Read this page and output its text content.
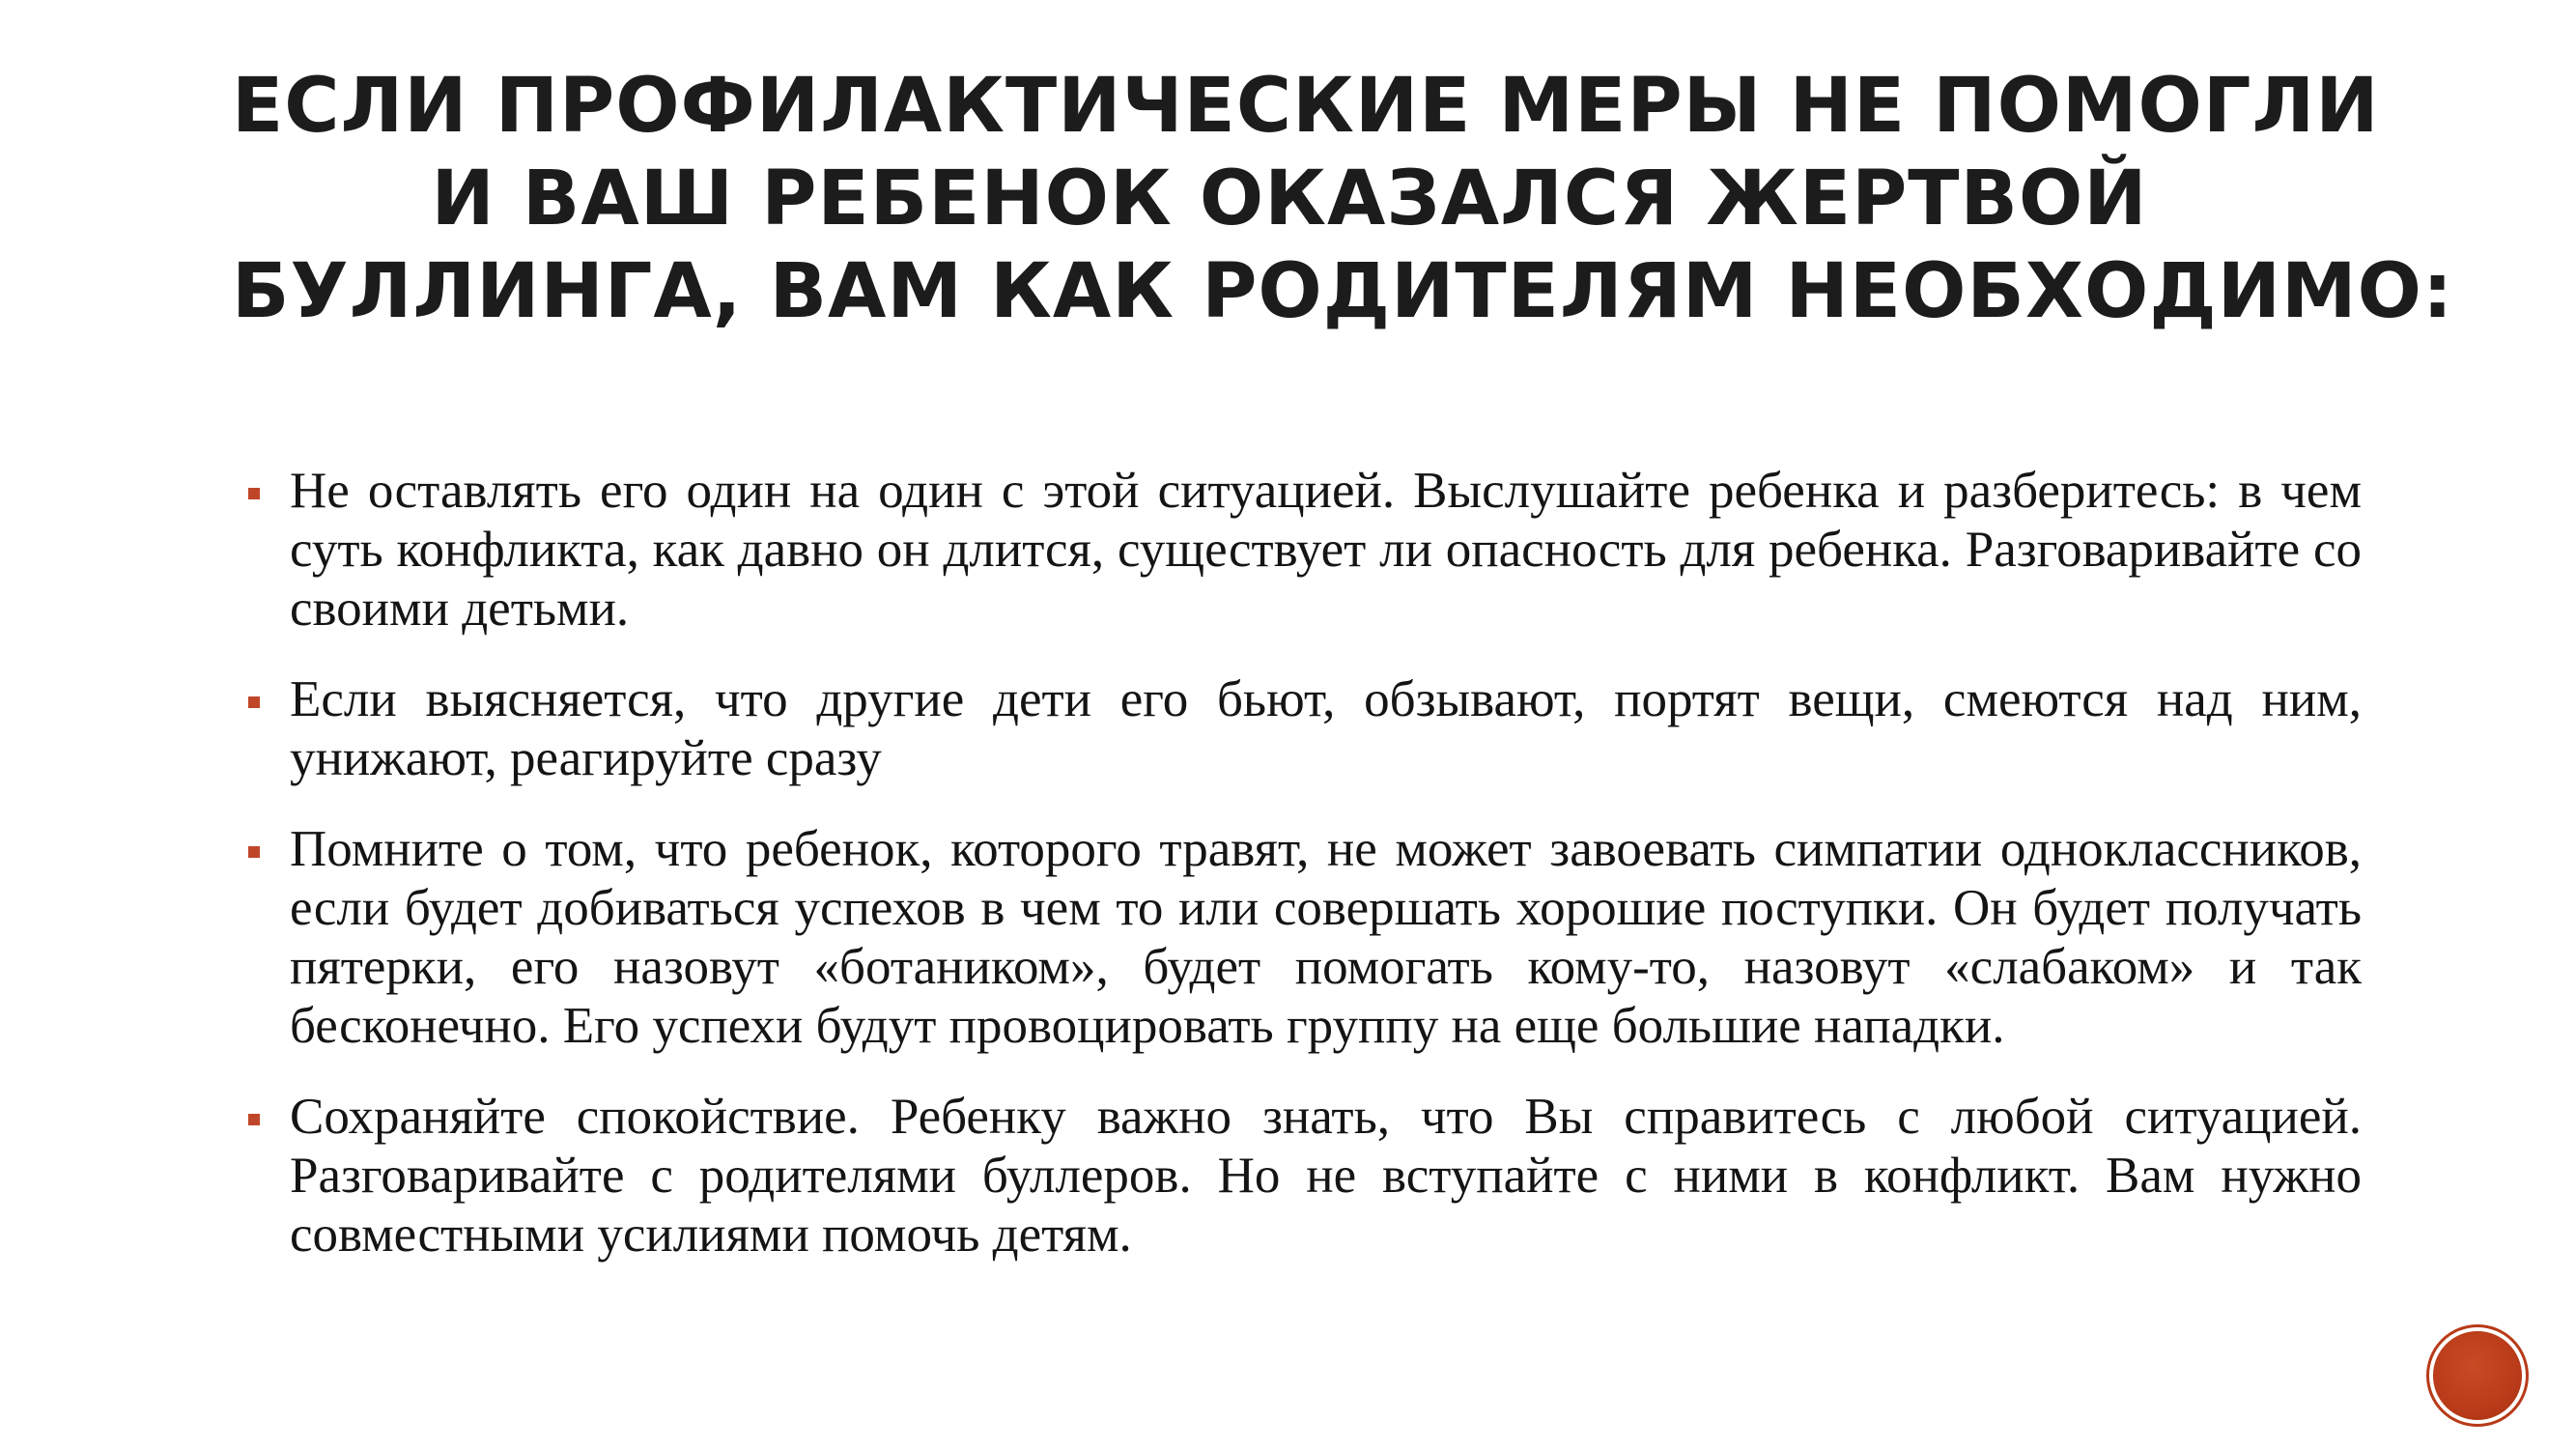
ЕСЛИ ПРОФИЛАКТИЧЕСКИЕ МЕРЫ НЕ ПОМОГЛИ
И ВАШ РЕБЕНОК ОКАЗАЛСЯ ЖЕРТВОЙ
БУЛЛИНГА, ВАМ КАК РОДИТЕЛЯМ НЕОБХОДИМО:
Не оставлять его один на один с этой ситуацией. Выслушайте ребенка и разберитесь: в чем суть конфликта, как давно он длится, существует ли опасность для ребенка. Разговаривайте со своими детьми.
Если выясняется, что другие дети его бьют, обзывают, портят вещи, смеются над ним, унижают, реагируйте сразу
Помните о том, что ребенок, которого травят, не может завоевать симпатии одноклассников, если будет добиваться успехов в чем то или совершать хорошие поступки. Он будет получать пятерки, его назовут «ботаником», будет помогать кому-то, назовут «слабаком» и так бесконечно. Его успехи будут провоцировать группу на еще большие нападки.
Сохраняйте спокойствие. Ребенку важно знать, что Вы справитесь с любой ситуацией. Разговаривайте с родителями буллеров. Но не вступайте с ними в конфликт. Вам нужно совместными усилиями помочь детям.
